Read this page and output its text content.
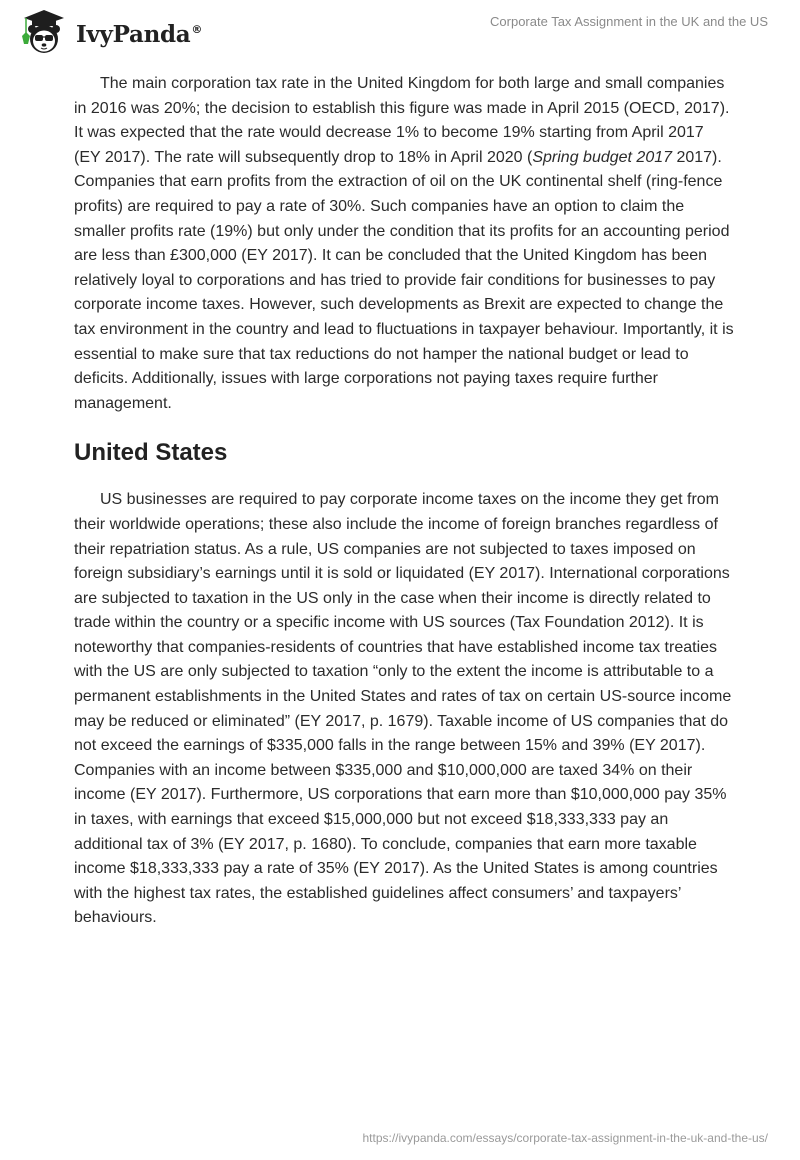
IvyPanda®
Corporate Tax Assignment in the UK and the US

The main corporation tax rate in the United Kingdom for both large and small companies in 2016 was 20%; the decision to establish this figure was made in April 2015 (OECD, 2017). It was expected that the rate would decrease 1% to become 19% starting from April 2017 (EY 2017). The rate will subsequently drop to 18% in April 2020 (Spring budget 2017 2017). Companies that earn profits from the extraction of oil on the UK continental shelf (ring-fence profits) are required to pay a rate of 30%. Such companies have an option to claim the smaller profits rate (19%) but only under the condition that its profits for an accounting period are less than £300,000 (EY 2017). It can be concluded that the United Kingdom has been relatively loyal to corporations and has tried to provide fair conditions for businesses to pay corporate income taxes. However, such developments as Brexit are expected to change the tax environment in the country and lead to fluctuations in taxpayer behaviour. Importantly, it is essential to make sure that tax reductions do not hamper the national budget or lead to deficits. Additionally, issues with large corporations not paying taxes require further management.

United States

US businesses are required to pay corporate income taxes on the income they get from their worldwide operations; these also include the income of foreign branches regardless of their repatriation status. As a rule, US companies are not subjected to taxes imposed on foreign subsidiary’s earnings until it is sold or liquidated (EY 2017). International corporations are subjected to taxation in the US only in the case when their income is directly related to trade within the country or a specific income with US sources (Tax Foundation 2012). It is noteworthy that companies-residents of countries that have established income tax treaties with the US are only subjected to taxation “only to the extent the income is attributable to a permanent establishments in the United States and rates of tax on certain US-source income may be reduced or eliminated” (EY 2017, p. 1679). Taxable income of US companies that do not exceed the earnings of $335,000 falls in the range between 15% and 39% (EY 2017). Companies with an income between $335,000 and $10,000,000 are taxed 34% on their income (EY 2017). Furthermore, US corporations that earn more than $10,000,000 pay 35% in taxes, with earnings that exceed $15,000,000 but not exceed $18,333,333 pay an additional tax of 3% (EY 2017, p. 1680). To conclude, companies that earn more taxable income $18,333,333 pay a rate of 35% (EY 2017). As the United States is among countries with the highest tax rates, the established guidelines affect consumers’ and taxpayers’ behaviours.

https://ivypanda.com/essays/corporate-tax-assignment-in-the-uk-and-the-us/
